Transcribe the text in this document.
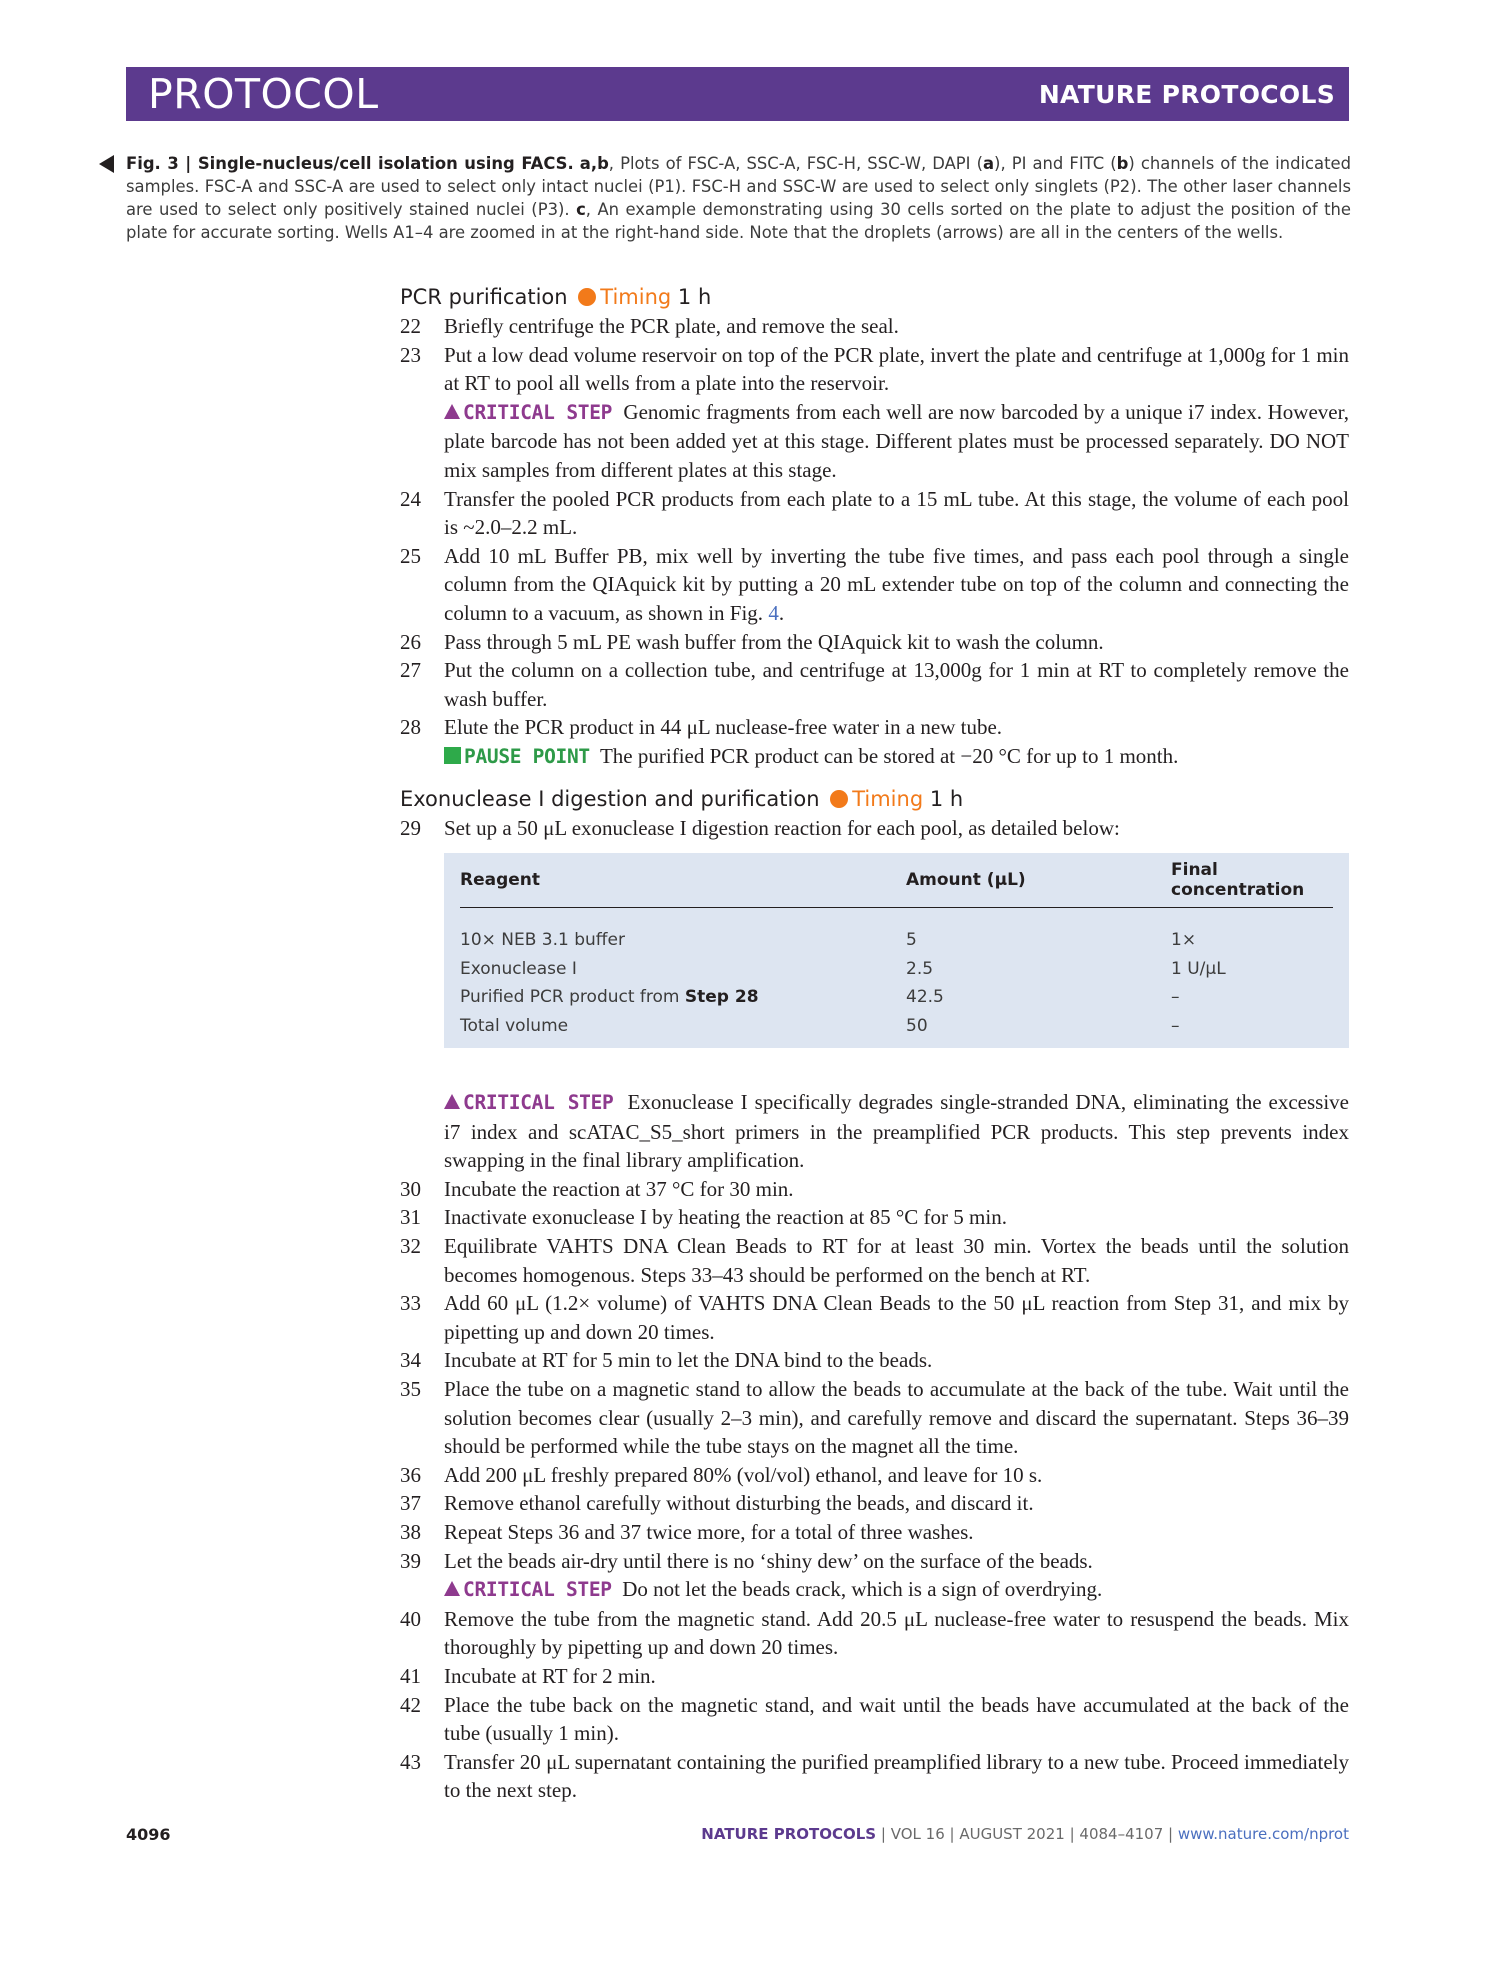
PROTOCOL	NATURE PROTOCOLS
Fig. 3 | Single-nucleus/cell isolation using FACS. a,b, Plots of FSC-A, SSC-A, FSC-H, SSC-W, DAPI (a), PI and FITC (b) channels of the indicated samples. FSC-A and SSC-A are used to select only intact nuclei (P1). FSC-H and SSC-W are used to select only singlets (P2). The other laser channels are used to select only positively stained nuclei (P3). c, An example demonstrating using 30 cells sorted on the plate to adjust the position of the plate for accurate sorting. Wells A1–4 are zoomed in at the right-hand side. Note that the droplets (arrows) are all in the centers of the wells.
PCR purification Timing 1 h
22	Briefly centrifuge the PCR plate, and remove the seal.
23	Put a low dead volume reservoir on top of the PCR plate, invert the plate and centrifuge at 1,000g for 1 min at RT to pool all wells from a plate into the reservoir.
CRITICAL STEP Genomic fragments from each well are now barcoded by a unique i7 index. However, plate barcode has not been added yet at this stage. Different plates must be processed separately. DO NOT mix samples from different plates at this stage.
24	Transfer the pooled PCR products from each plate to a 15 mL tube. At this stage, the volume of each pool is ~2.0–2.2 mL.
25	Add 10 mL Buffer PB, mix well by inverting the tube five times, and pass each pool through a single column from the QIAquick kit by putting a 20 mL extender tube on top of the column and connecting the column to a vacuum, as shown in Fig. 4.
26	Pass through 5 mL PE wash buffer from the QIAquick kit to wash the column.
27	Put the column on a collection tube, and centrifuge at 13,000g for 1 min at RT to completely remove the wash buffer.
28	Elute the PCR product in 44 μL nuclease-free water in a new tube.
PAUSE POINT The purified PCR product can be stored at −20 °C for up to 1 month.
Exonuclease I digestion and purification Timing 1 h
29	Set up a 50 μL exonuclease I digestion reaction for each pool, as detailed below:
Reagent	Amount (μL)	Final concentration
10× NEB 3.1 buffer	5	1×
Exonuclease I	2.5	1 U/μL
Purified PCR product from Step 28	42.5	–
Total volume	50	–
CRITICAL STEP Exonuclease I specifically degrades single-stranded DNA, eliminating the excessive i7 index and scATAC_S5_short primers in the preamplified PCR products. This step prevents index swapping in the final library amplification.
30	Incubate the reaction at 37 °C for 30 min.
31	Inactivate exonuclease I by heating the reaction at 85 °C for 5 min.
32	Equilibrate VAHTS DNA Clean Beads to RT for at least 30 min. Vortex the beads until the solution becomes homogenous. Steps 33–43 should be performed on the bench at RT.
33	Add 60 μL (1.2× volume) of VAHTS DNA Clean Beads to the 50 μL reaction from Step 31, and mix by pipetting up and down 20 times.
34	Incubate at RT for 5 min to let the DNA bind to the beads.
35	Place the tube on a magnetic stand to allow the beads to accumulate at the back of the tube. Wait until the solution becomes clear (usually 2–3 min), and carefully remove and discard the supernatant. Steps 36–39 should be performed while the tube stays on the magnet all the time.
36	Add 200 μL freshly prepared 80% (vol/vol) ethanol, and leave for 10 s.
37	Remove ethanol carefully without disturbing the beads, and discard it.
38	Repeat Steps 36 and 37 twice more, for a total of three washes.
39	Let the beads air-dry until there is no ‘shiny dew’ on the surface of the beads.
CRITICAL STEP Do not let the beads crack, which is a sign of overdrying.
40	Remove the tube from the magnetic stand. Add 20.5 μL nuclease-free water to resuspend the beads. Mix thoroughly by pipetting up and down 20 times.
41	Incubate at RT for 2 min.
42	Place the tube back on the magnetic stand, and wait until the beads have accumulated at the back of the tube (usually 1 min).
43	Transfer 20 μL supernatant containing the purified preamplified library to a new tube. Proceed immediately to the next step.
4096	NATURE PROTOCOLS | VOL 16 | AUGUST 2021 | 4084–4107 | www.nature.com/nprot
